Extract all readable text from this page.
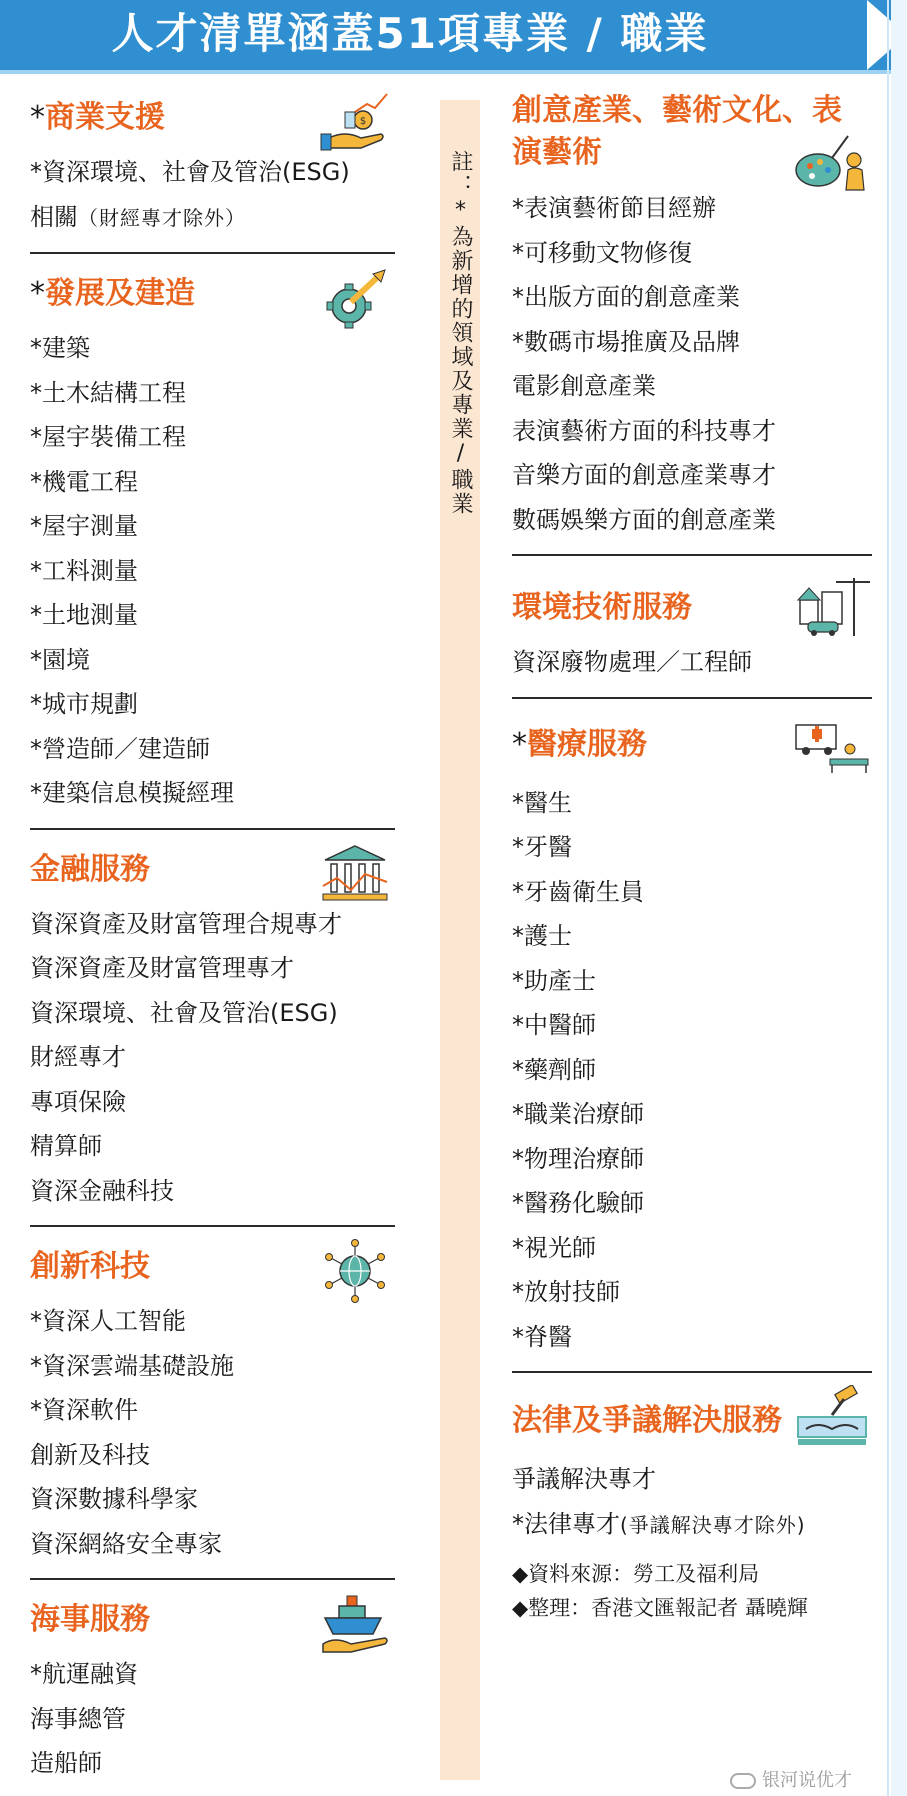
人才清單涵蓋51項專業 / 職業
*商業支援	$
*資深環境、社會及管治(ESG)
相關（財經專才除外）
*發展及建造
*建築
*土木結構工程
*屋宇裝備工程
*機電工程
*屋宇測量
*工料測量
*土地測量
*園境
*城市規劃
*營造師／建造師
*建築信息模擬經理
金融服務
資深資產及財富管理合規專才
資深資產及財富管理專才
資深環境、社會及管治(ESG)
財經專才
專項保險
精算師
資深金融科技
創新科技
*資深人工智能
*資深雲端基礎設施
*資深軟件
創新及科技
資深數據科學家
資深網絡安全專家
海事服務
*航運融資
海事總管
造船師
註：*為新增的領域及專業/職業
創意產業、藝術文化、表演藝術
*表演藝術節目經辦
*可移動文物修復
*出版方面的創意產業
*數碼市場推廣及品牌
電影創意產業
表演藝術方面的科技專才
音樂方面的創意產業專才
數碼娛樂方面的創意產業
環境技術服務
資深廢物處理／工程師
*醫療服務
*醫生
*牙醫
*牙齒衛生員
*護士
*助產士
*中醫師
*藥劑師
*職業治療師
*物理治療師
*醫務化驗師
*視光師
*放射技師
*脊醫
法律及爭議解決服務
爭議解決專才
*法律專才(爭議解決專才除外)
◆資料來源：勞工及福利局
◆整理：香港文匯報記者 聶曉輝
银河说优才
